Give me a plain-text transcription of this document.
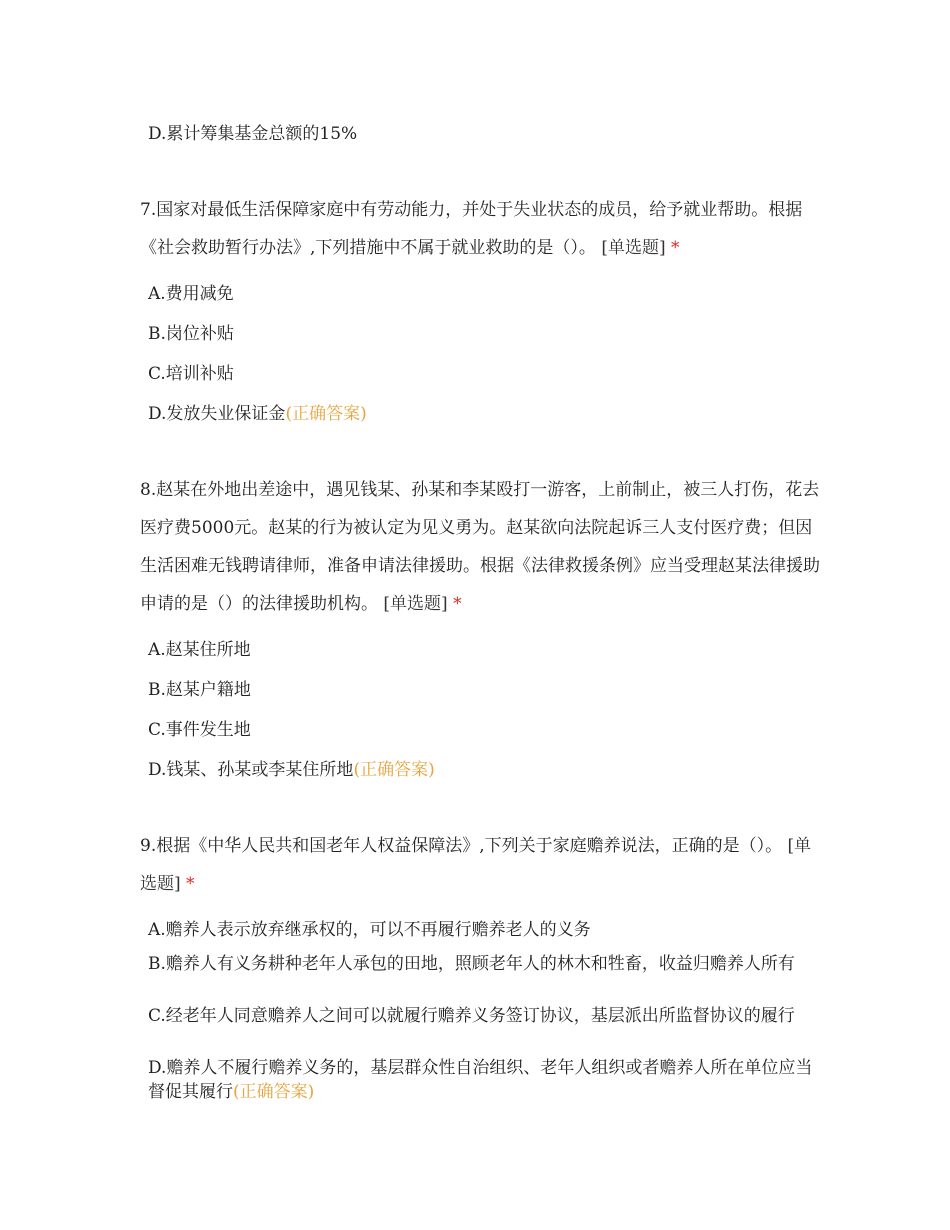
D.累计筹集基金总额的15%
7.国家对最低生活保障家庭中有劳动能力，并处于失业状态的成员，给予就业帮助。根据《社会救助暂行办法》,下列措施中不属于就业救助的是（）。 [单选题] *
A.费用减免
B.岗位补贴
C.培训补贴
D.发放失业保证金(正确答案)
8.赵某在外地出差途中，遇见钱某、孙某和李某殴打一游客，上前制止，被三人打伤，花去医疗费5000元。赵某的行为被认定为见义勇为。赵某欲向法院起诉三人支付医疗费；但因生活困难无钱聘请律师，准备申请法律援助。根据《法律救援条例》应当受理赵某法律援助申请的是（）的法律援助机构。 [单选题] *
A.赵某住所地
B.赵某户籍地
C.事件发生地
D.钱某、孙某或李某住所地(正确答案)
9.根据《中华人民共和国老年人权益保障法》,下列关于家庭赡养说法，正确的是（）。 [单选题] *
A.赡养人表示放弃继承权的，可以不再履行赡养老人的义务
B.赡养人有义务耕种老年人承包的田地，照顾老年人的林木和牲畜，收益归赡养人所有
C.经老年人同意赡养人之间可以就履行赡养义务签订协议，基层派出所监督协议的履行
D.赡养人不履行赡养义务的，基层群众性自治组织、老年人组织或者赡养人所在单位应当督促其履行(正确答案)
